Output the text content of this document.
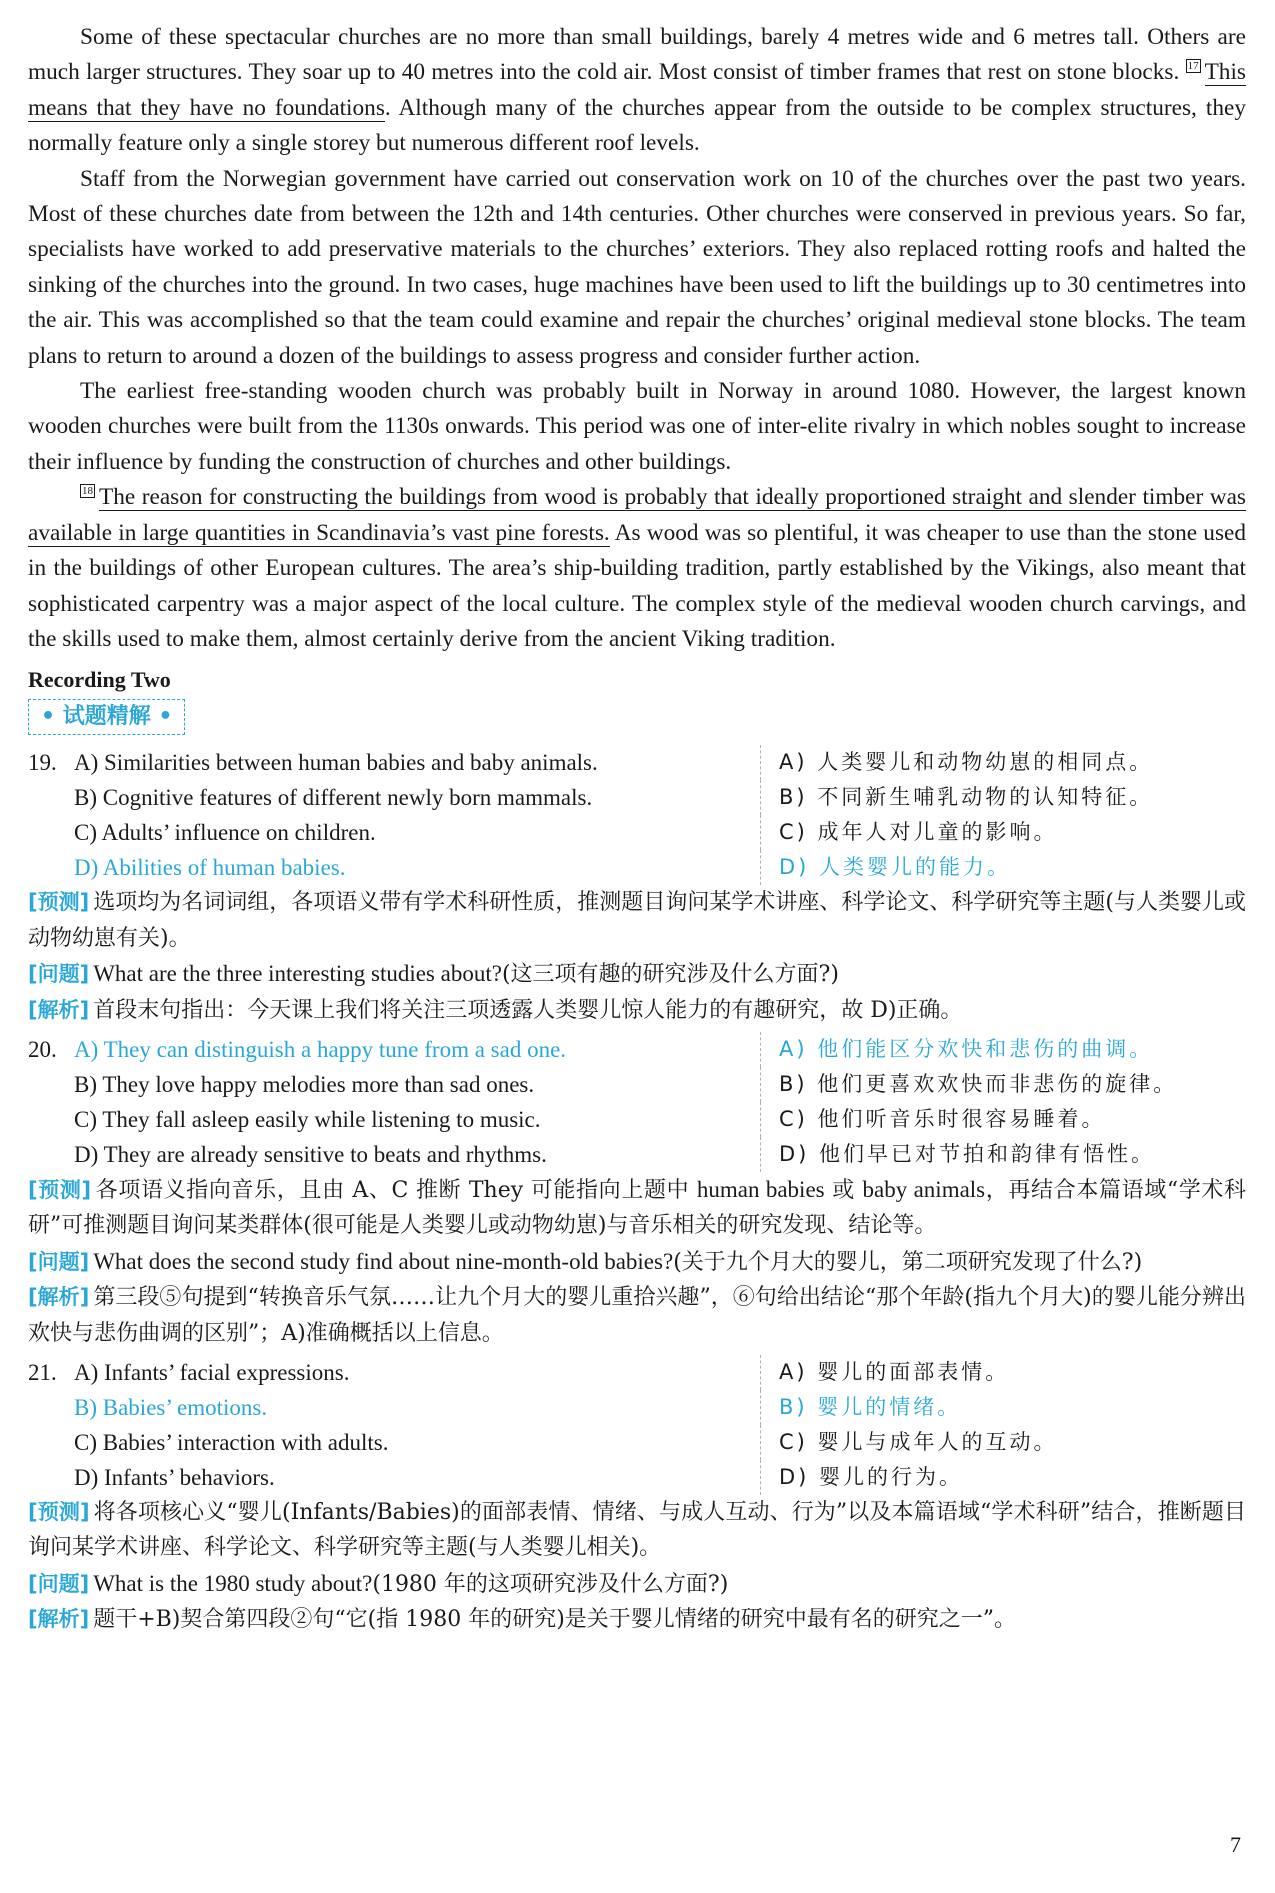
Some of these spectacular churches are no more than small buildings, barely 4 metres wide and 6 metres tall. Others are much larger structures. They soar up to 40 metres into the cold air. Most consist of timber frames that rest on stone blocks. 17 This means that they have no foundations. Although many of the churches appear from the outside to be complex structures, they normally feature only a single storey but numerous different roof levels.

Staff from the Norwegian government have carried out conservation work on 10 of the churches over the past two years. Most of these churches date from between the 12th and 14th centuries. Other churches were conserved in previous years. So far, specialists have worked to add preservative materials to the churches’ exteriors. They also replaced rotting roofs and halted the sinking of the churches into the ground. In two cases, huge machines have been used to lift the buildings up to 30 centimetres into the air. This was accomplished so that the team could examine and repair the churches’ original medieval stone blocks. The team plans to return to around a dozen of the buildings to assess progress and consider further action.

The earliest free-standing wooden church was probably built in Norway in around 1080. However, the largest known wooden churches were built from the 1130s onwards. This period was one of inter-elite rivalry in which nobles sought to increase their influence by funding the construction of churches and other buildings.

18 The reason for constructing the buildings from wood is probably that ideally proportioned straight and slender timber was available in large quantities in Scandinavia’s vast pine forests. As wood was so plentiful, it was cheaper to use than the stone used in the buildings of other European cultures. The area’s ship-building tradition, partly established by the Vikings, also meant that sophisticated carpentry was a major aspect of the local culture. The complex style of the medieval wooden church carvings, and the skills used to make them, almost certainly derive from the ancient Viking tradition.

Recording Two
• 试题精解 •
19. A) Similarities between human babies and baby animals.	A) 人类婴儿和动物幼崽的相同点。
B) Cognitive features of different newly born mammals.	B) 不同新生哺乳动物的认知特征。
C) Adults’ influence on children.	C) 成年人对儿童的影响。
D) Abilities of human babies.	D) 人类婴儿的能力。

[预测] 选项均为名词词组，各项语义带有学术科研性质，推测题目询问某学术讲座、科学论文、科学研究等主题(与人类婴儿或动物幼崽有关)。

[问题] What are the three interesting studies about?(这三项有趣的研究涉及什么方面?)

[解析] 首段末句指出：今天课上我们将关注三项透露人类婴儿惊人能力的有趣研究，故 D)正确。

20. A) They can distinguish a happy tune from a sad one.	A) 他们能区分欢快和悲伤的曲调。
B) They love happy melodies more than sad ones.	B) 他们更喜欢欢快而非悲伤的旋律。
C) They fall asleep easily while listening to music.	C) 他们听音乐时很容易睡着。
D) They are already sensitive to beats and rhythms.	D) 他们早已对节拍和韵律有悟性。

[预测] 各项语义指向音乐，且由 A、C 推断 They 可能指向上题中 human babies 或 baby animals，再结合本篇语域“学术科研”可推测题目询问某类群体(很可能是人类婴儿或动物幼崽)与音乐相关的研究发现、结论等。

[问题] What does the second study find about nine-month-old babies?(关于九个月大的婴儿，第二项研究发现了什么?)

[解析] 第三段⑤句提到“转换音乐气氛……让九个月大的婴儿重拾兴趣”，⑥句给出结论“那个年龄(指九个月大)的婴儿能分辨出欢快与悲伤曲调的区别”；A)准确概括以上信息。

21. A) Infants’ facial expressions.	A) 婴儿的面部表情。
B) Babies’ emotions.	B) 婴儿的情绪。
C) Babies’ interaction with adults.	C) 婴儿与成年人的互动。
D) Infants’ behaviors.	D) 婴儿的行为。

[预测] 将各项核心义“婴儿(Infants/Babies)的面部表情、情绪、与成人互动、行为”以及本篇语域“学术科研”结合，推断题目询问某学术讲座、科学论文、科学研究等主题(与人类婴儿相关)。

[问题] What is the 1980 study about?(1980 年的这项研究涉及什么方面?)

[解析] 题干+B)契合第四段②句“它(指 1980 年的研究)是关于婴儿情绪的研究中最有名的研究之一”。

7
